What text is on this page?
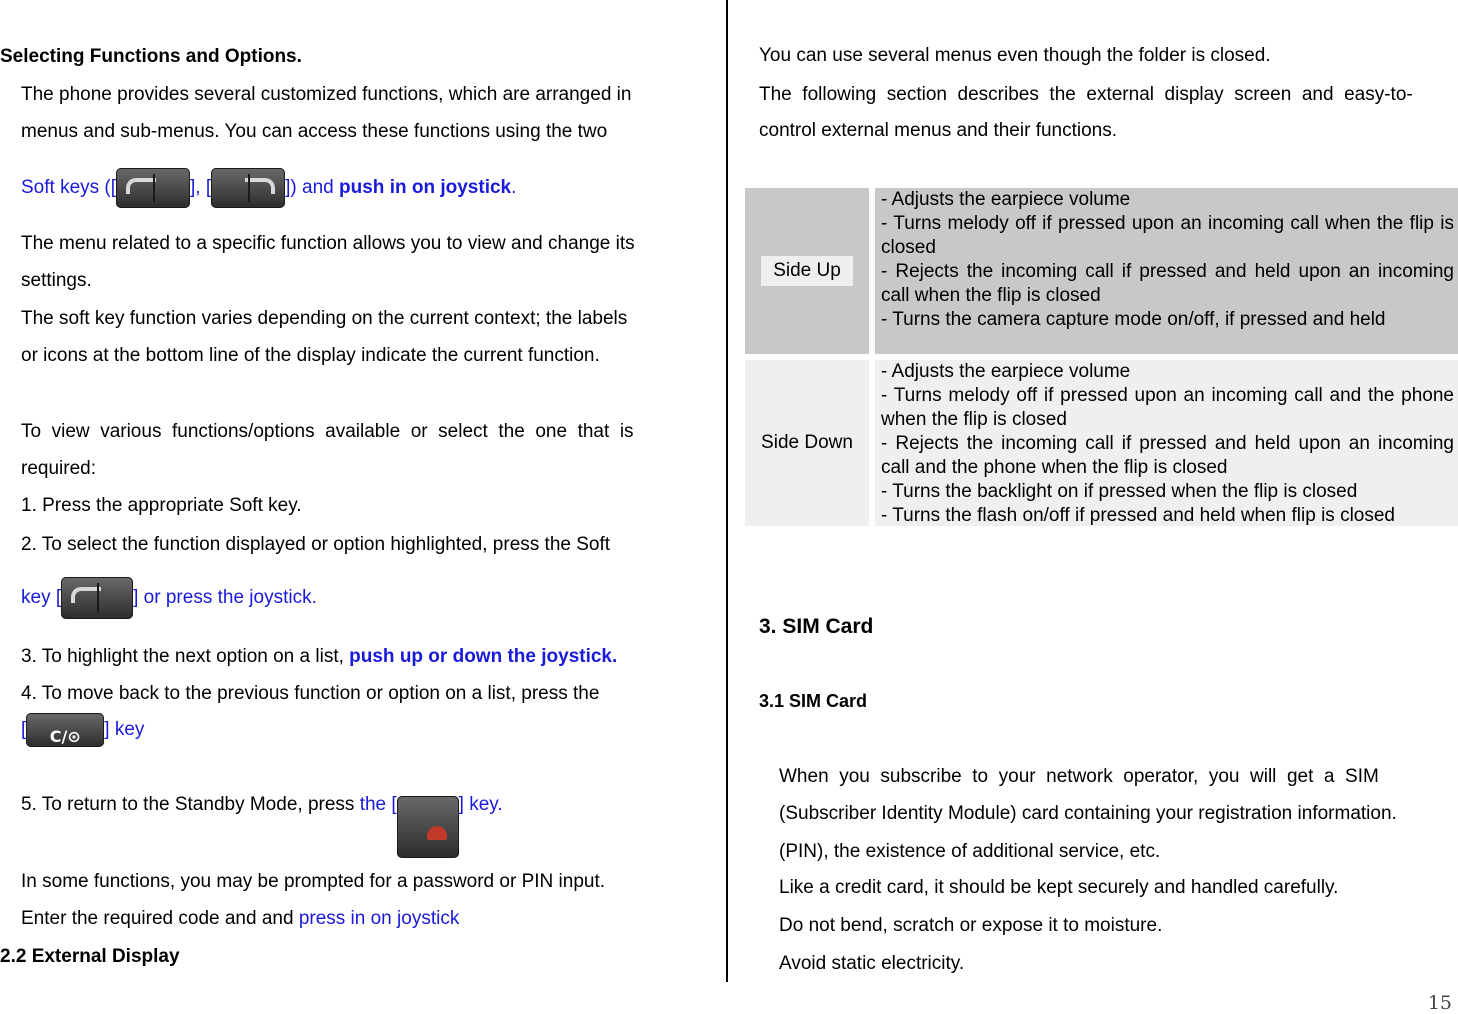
Selecting Functions and Options.
The phone provides several customized functions, which are arranged in
menus and sub-menus. You can access these functions using the two
Soft keys ([	], [	]) and push in on joystick.
The menu related to a specific function allows you to view and change its
settings.
The soft key function varies depending on the current context; the labels
or icons at the bottom line of the display indicate the current function.
To  view  various  functions/options  available  or  select  the  one  that  is
required:
1. Press the appropriate Soft key.
2. To select the function displayed or option highlighted, press the Soft
key [	] or press the joystick.
3. To highlight the next option on a list, push up or down the joystick.
4. To move back to the previous function or option on a list, press the
[	C/⊙	] key
5. To return to the Standby Mode, press the [	] key.
In some functions, you may be prompted for a password or PIN input.
Enter the required code and and press in on joystick
2.2 External Display
You can use several menus even though the folder is closed.
The  following  section  describes  the  external  display  screen  and  easy-to-
control external menus and their functions.
Side Up
- Adjusts the earpiece volume
- Turns melody off if pressed upon an incoming call when the flip is closed
- Rejects the incoming call if pressed and held upon an incoming call when the flip is closed
- Turns the camera capture mode on/off, if pressed and held
Side Down
- Adjusts the earpiece volume
- Turns melody off if pressed upon an incoming call and the phone when the flip is closed
- Rejects the incoming call if pressed and held upon an incoming call and the phone when the flip is closed
- Turns the backlight on if pressed when the flip is closed
- Turns the flash on/off if pressed and held when flip is closed
3. SIM Card
3.1 SIM Card
When  you  subscribe  to  your  network  operator,  you  will  get  a  SIM
(Subscriber Identity Module) card containing your registration information.
(PIN), the existence of additional service, etc.
Like a credit card, it should be kept securely and handled carefully.
Do not bend, scratch or expose it to moisture.
Avoid static electricity.
15
